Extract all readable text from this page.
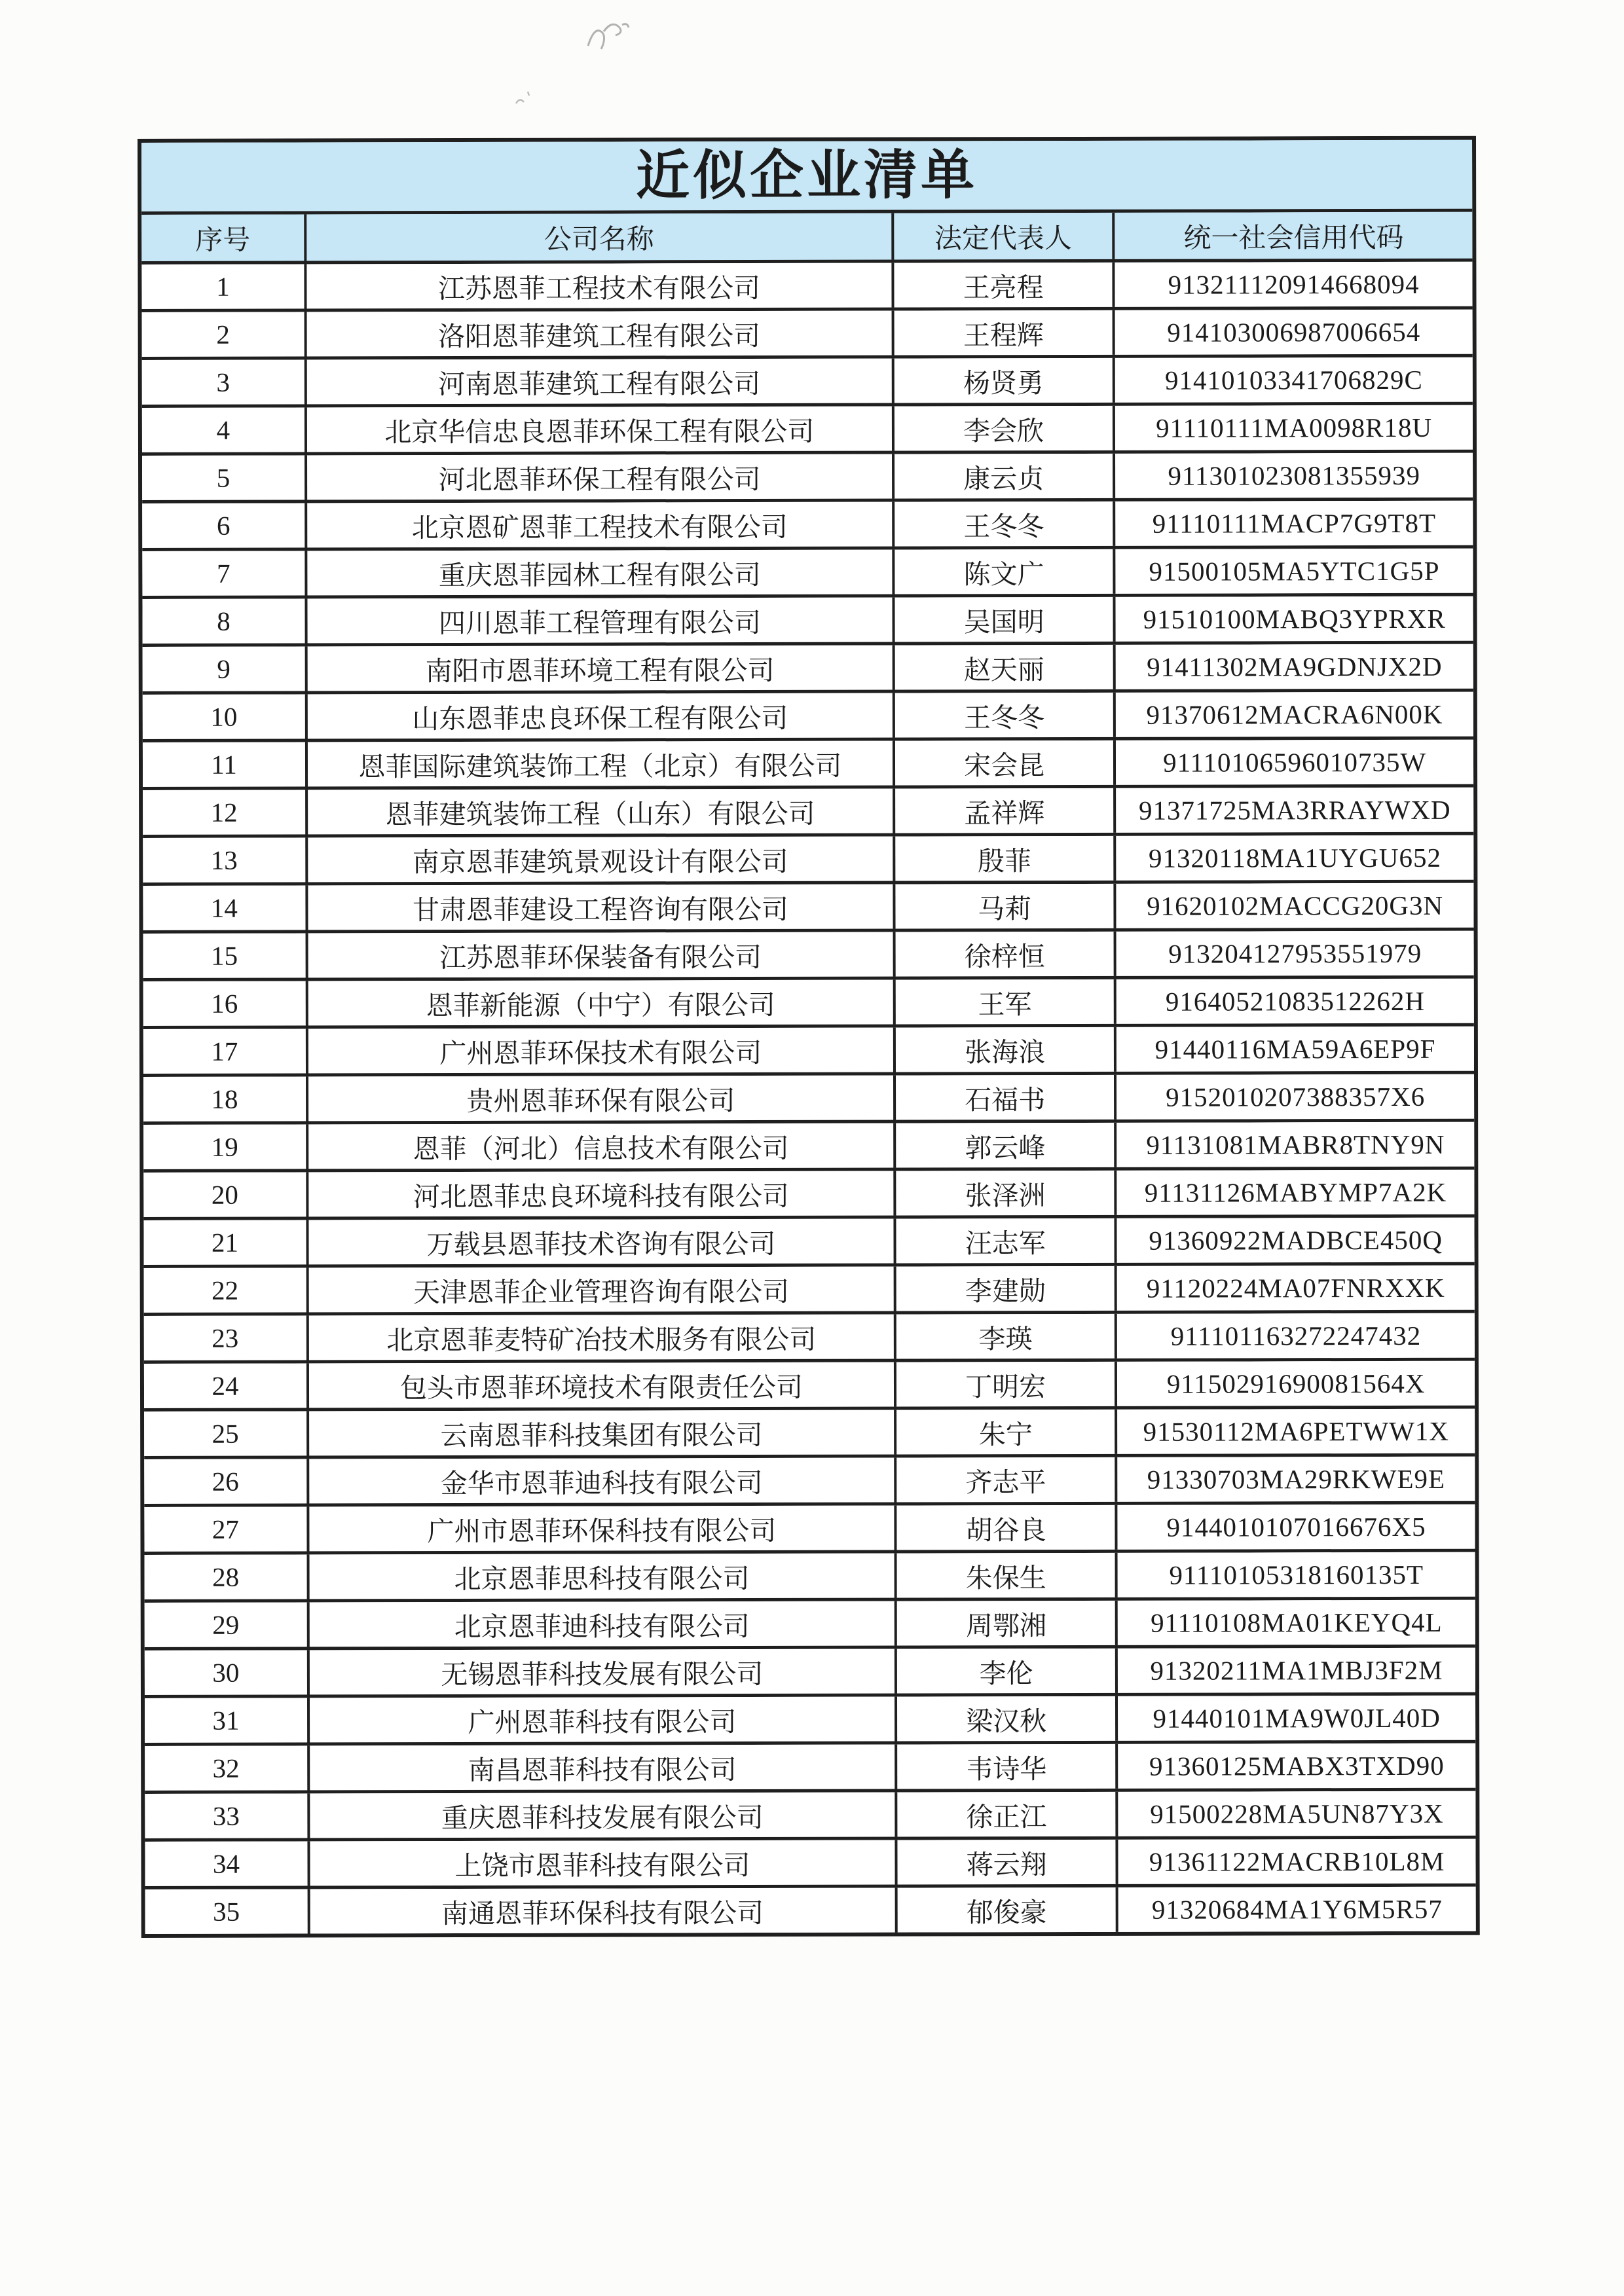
近似企业清单
序号	公司名称	法定代表人	统一社会信用代码
1	江苏恩菲工程技术有限公司	王亮程	913211120914668094
2	洛阳恩菲建筑工程有限公司	王程辉	914103006987006654
3	河南恩菲建筑工程有限公司	杨贤勇	91410103341706829C
4	北京华信忠良恩菲环保工程有限公司	李会欣	91110111MA0098R18U
5	河北恩菲环保工程有限公司	康云贞	911301023081355939
6	北京恩矿恩菲工程技术有限公司	王冬冬	91110111MACP7G9T8T
7	重庆恩菲园林工程有限公司	陈文广	91500105MA5YTC1G5P
8	四川恩菲工程管理有限公司	吴国明	91510100MABQ3YPRXR
9	南阳市恩菲环境工程有限公司	赵天丽	91411302MA9GDNJX2D
10	山东恩菲忠良环保工程有限公司	王冬冬	91370612MACRA6N00K
11	恩菲国际建筑装饰工程（北京）有限公司	宋会昆	91110106596010735W
12	恩菲建筑装饰工程（山东）有限公司	孟祥辉	91371725MA3RRAYWXD
13	南京恩菲建筑景观设计有限公司	殷菲	91320118MA1UYGU652
14	甘肃恩菲建设工程咨询有限公司	马莉	91620102MACCG20G3N
15	江苏恩菲环保装备有限公司	徐梓恒	913204127953551979
16	恩菲新能源（中宁）有限公司	王军	91640521083512262H
17	广州恩菲环保技术有限公司	张海浪	91440116MA59A6EP9F
18	贵州恩菲环保有限公司	石福书	9152010207388357X6
19	恩菲（河北）信息技术有限公司	郭云峰	91131081MABR8TNY9N
20	河北恩菲忠良环境科技有限公司	张泽洲	91131126MABYMP7A2K
21	万载县恩菲技术咨询有限公司	汪志军	91360922MADBCE450Q
22	天津恩菲企业管理咨询有限公司	李建勋	91120224MA07FNRXXK
23	北京恩菲麦特矿冶技术服务有限公司	李瑛	911101163272247432
24	包头市恩菲环境技术有限责任公司	丁明宏	91150291690081564X
25	云南恩菲科技集团有限公司	朱宁	91530112MA6PETWW1X
26	金华市恩菲迪科技有限公司	齐志平	91330703MA29RKWE9E
27	广州市恩菲环保科技有限公司	胡谷良	9144010107016676X5
28	北京恩菲思科技有限公司	朱保生	91110105318160135T
29	北京恩菲迪科技有限公司	周鄂湘	91110108MA01KEYQ4L
30	无锡恩菲科技发展有限公司	李伦	91320211MA1MBJ3F2M
31	广州恩菲科技有限公司	梁汉秋	91440101MA9W0JL40D
32	南昌恩菲科技有限公司	韦诗华	91360125MABX3TXD90
33	重庆恩菲科技发展有限公司	徐正江	91500228MA5UN87Y3X
34	上饶市恩菲科技有限公司	蒋云翔	91361122MACRB10L8M
35	南通恩菲环保科技有限公司	郁俊豪	91320684MA1Y6M5R57
